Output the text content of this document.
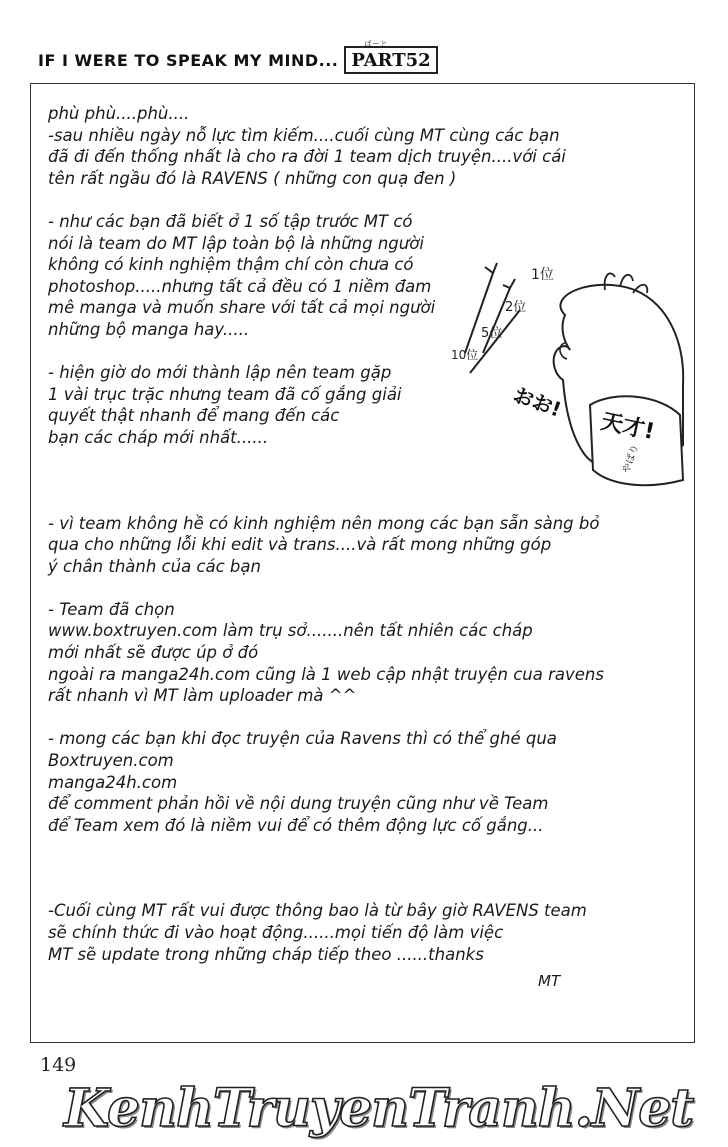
IF I WERE TO SPEAK MY MIND...
ぱーと
PART52
phù phù....phù....
-sau nhiều ngày nỗ lực tìm kiếm....cuối cùng MT cùng các bạn
đã đi đến thống nhất là cho ra đời 1 team dịch truyện....với cái
tên rất ngầu đó là RAVENS ( những con quạ đen )
- như các bạn đã biết ở 1 số tập trước MT có
nói là team do MT lập toàn bộ là những người
không có kinh nghiệm thậm chí còn chưa có
photoshop.....nhưng tất cả đều có 1 niềm đam
mê manga và muốn share với tất cả mọi người
những bộ manga hay.....
- hiện giờ do mới thành lập nên team gặp
1 vài trục trặc nhưng team đã cố gắng giải
quyết thật nhanh để mang đến các
bạn các cháp mới nhất......
- vì team không hề có kinh nghiệm nên mong các bạn sẵn sàng bỏ
qua cho những lỗi khi edit và trans....và rất mong những góp
ý chân thành của các bạn
- Team đã chọn
www.boxtruyen.com làm trụ sở.......nên tất nhiên các cháp
mới nhất sẽ được úp ở đó
ngoài ra manga24h.com cũng là 1 web cập nhật truyện cua ravens
rất nhanh vì MT làm uploader mà ^^
- mong các bạn khi đọc truyện của Ravens thì có thể ghé qua
Boxtruyen.com
manga24h.com
để comment phản hồi về nội dung truyện cũng như về Team
để Team xem đó là niềm vui để có thêm động lực cố gắng...
-Cuối cùng MT rất vui được thông bao là từ bây giờ RAVENS team
sẽ chính thức đi vào hoạt động......mọi tiến độ làm việc
MT sẽ update trong những cháp tiếp theo ......thanks
1位
2位
5位
10位
天才!
やばり
おお!
MT
149
KenhTruyenTranh.Net
